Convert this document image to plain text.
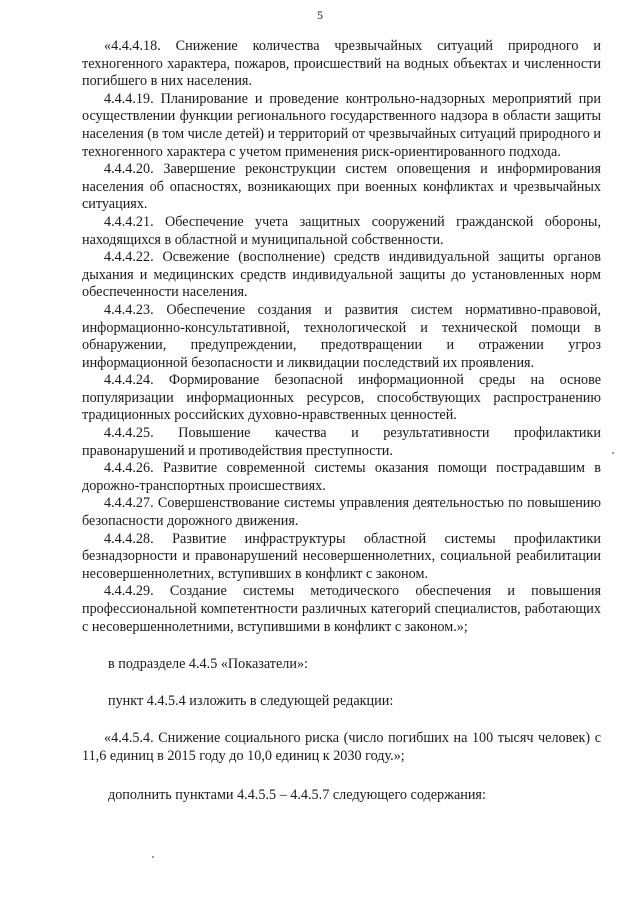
5

«4.4.4.18. Снижение количества чрезвычайных ситуаций природного и техногенного характера, пожаров, происшествий на водных объектах и численности погибшего в них населения.

4.4.4.19. Планирование и проведение контрольно-надзорных мероприятий при осуществлении функции регионального государственного надзора в области защиты населения (в том числе детей) и территорий от чрезвычайных ситуаций природного и техногенного характера с учетом применения риск-ориентированного подхода.

4.4.4.20. Завершение реконструкции систем оповещения и информирования населения об опасностях, возникающих при военных конфликтах и чрезвычайных ситуациях.

4.4.4.21. Обеспечение учета защитных сооружений гражданской обороны, находящихся в областной и муниципальной собственности.

4.4.4.22. Освежение (восполнение) средств индивидуальной защиты органов дыхания и медицинских средств индивидуальной защиты до установленных норм обеспеченности населения.

4.4.4.23. Обеспечение создания и развития систем нормативно-правовой, информационно-консультативной, технологической и технической помощи в обнаружении, предупреждении, предотвращении и отражении угроз информационной безопасности и ликвидации последствий их проявления.

4.4.4.24. Формирование безопасной информационной среды на основе популяризации информационных ресурсов, способствующих распространению традиционных российских духовно-нравственных ценностей.

4.4.4.25. Повышение качества и результативности профилактики правонарушений и противодействия преступности.

4.4.4.26. Развитие современной системы оказания помощи пострадавшим в дорожно-транспортных происшествиях.

4.4.4.27. Совершенствование системы управления деятельностью по повышению безопасности дорожного движения.

4.4.4.28. Развитие инфраструктуры областной системы профилактики безнадзорности и правонарушений несовершеннолетних, социальной реабилитации несовершеннолетних, вступивших в конфликт с законом.

4.4.4.29. Создание системы методического обеспечения и повышения профессиональной компетентности различных категорий специалистов, работающих с несовершеннолетними, вступившими в конфликт с законом.»;

в подразделе 4.4.5 «Показатели»:

пункт 4.4.5.4 изложить в следующей редакции:

«4.4.5.4. Снижение социального риска (число погибших на 100 тысяч человек) с 11,6 единиц в 2015 году до 10,0 единиц к 2030 году.»;

дополнить пунктами 4.4.5.5 – 4.4.5.7 следующего содержания:
